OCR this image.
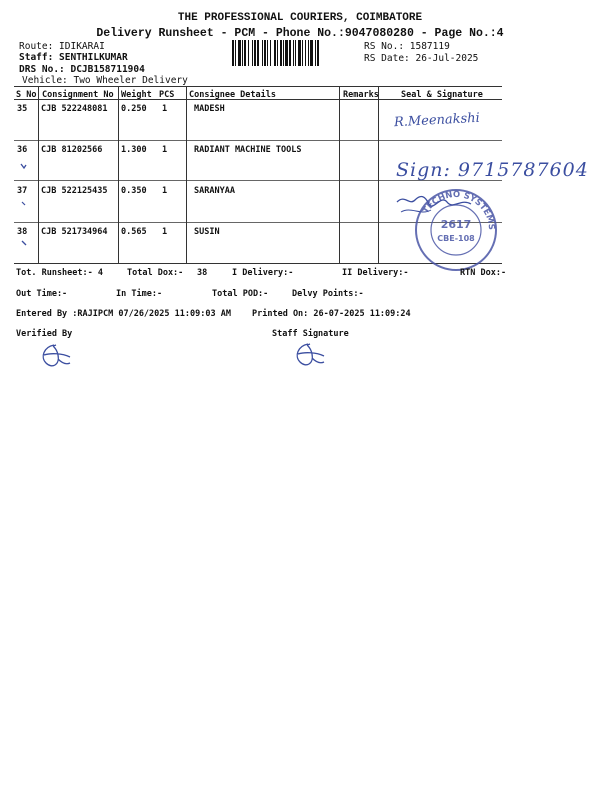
THE PROFESSIONAL COURIERS, COIMBATORE
Delivery Runsheet - PCM - Phone No.:9047080280 - Page No.:4
Route: IDIKARAI
Staff: SENTHILKUMAR
DRS No.: DCJB158711904
Vehicle: Two Wheeler Delivery
RS No.: 1587119
RS Date: 26-Jul-2025
S No Consignment No Weight PCS Consignee Details	Remarks	Seal & Signature
35 CJB 522248081 0.250 1	MADESH
36 CJB 81202566 1.300 1	RADIANT MACHINE TOOLS
37 CJB 522125435 0.350 1	SARANYAA
38 CJB 521734964 0.565 1	SUSIN
R.Meenakshi
Sign: 9715787604
TECHNO SYSTEMS
2617
CBE-108
Tot. Runsheet:- 4	Total Dox:- 38	I Delivery:-	II Delivery:-	RTN Dox:-
Out Time:-	In Time:-	Total POD:-	Delvy Points:-
Entered By :RAJIPCM 07/26/2025 11:09:03 AM Printed On: 26-07-2025 11:09:24
Verified By	Staff Signature
